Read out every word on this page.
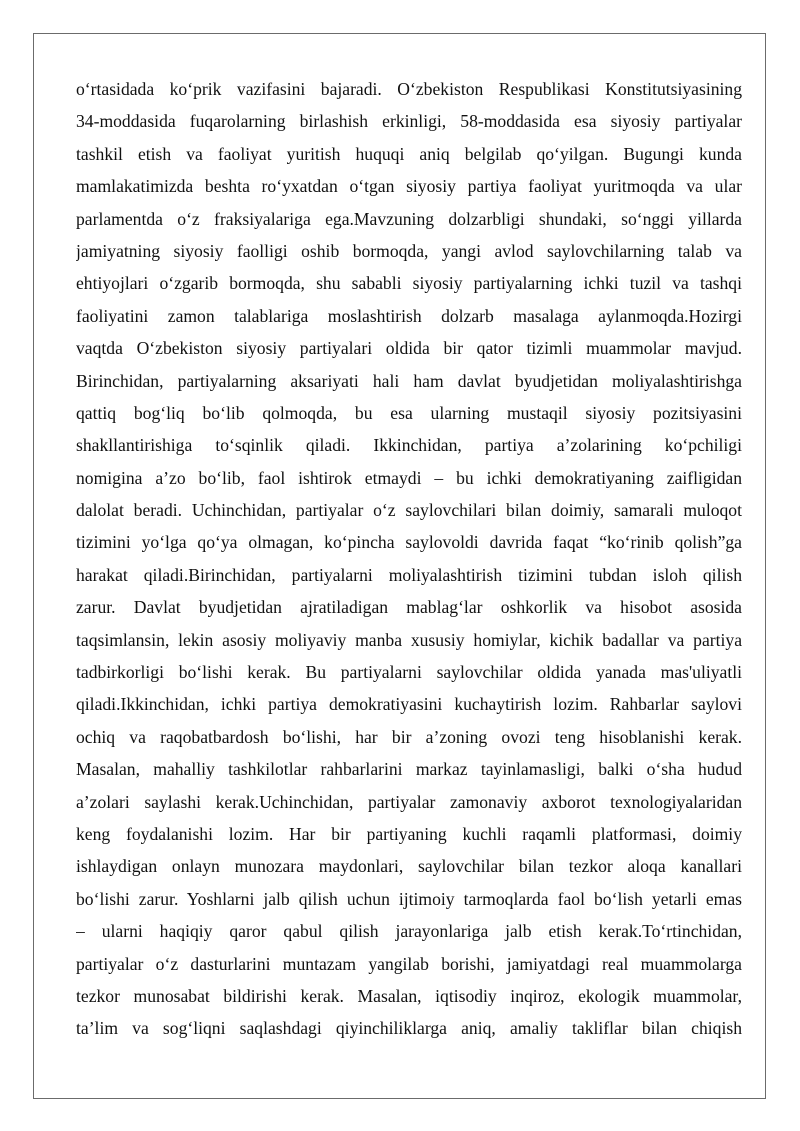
o‘rtasidada ko‘prik vazifasini bajaradi. O‘zbekiston Respublikasi Konstitutsiyasining
34-moddasida fuqarolarning birlashish erkinligi, 58-moddasida esa siyosiy partiyalar
tashkil etish va faoliyat yuritish huquqi aniq belgilab qo‘yilgan. Bugungi kunda
mamlakatimizda beshta ro‘yxatdan o‘tgan siyosiy partiya faoliyat yuritmoqda va ular
parlamentda o‘z fraksiyalariga ega.Mavzuning dolzarbligi shundaki, so‘nggi yillarda
jamiyatning siyosiy faolligi oshib bormoqda, yangi avlod saylovchilarning talab va
ehtiyojlari o‘zgarib bormoqda, shu sababli siyosiy partiyalarning ichki tuzil va tashqi
faoliyatini zamon talablariga moslashtirish dolzarb masalaga aylanmoqda.Hozirgi
vaqtda O‘zbekiston siyosiy partiyalari oldida bir qator tizimli muammolar mavjud.
Birinchidan, partiyalarning aksariyati hali ham davlat byudjetidan moliyalashtirishga
qattiq bog‘liq bo‘lib qolmoqda, bu esa ularning mustaqil siyosiy pozitsiyasini
shakllantirishiga to‘sqinlik qiladi. Ikkinchidan, partiya a’zolarining ko‘pchiligi
nomigina a’zo bo‘lib, faol ishtirok etmaydi – bu ichki demokratiyaning zaifligidan
dalolat beradi. Uchinchidan, partiyalar o‘z saylovchilari bilan doimiy, samarali muloqot
tizimini yo‘lga qo‘ya olmagan, ko‘pincha saylovoldi davrida faqat “ko‘rinib qolish”ga
harakat qiladi.Birinchidan, partiyalarni moliyalashtirish tizimini tubdan isloh qilish
zarur. Davlat byudjetidan ajratiladigan mablag‘lar oshkorlik va hisobot asosida
taqsimlansin, lekin asosiy moliyaviy manba xususiy homiylar, kichik badallar va partiya
tadbirkorligi bo‘lishi kerak. Bu partiyalarni saylovchilar oldida yanada mas'uliyatli
qiladi.Ikkinchidan, ichki partiya demokratiyasini kuchaytirish lozim. Rahbarlar saylovi
ochiq va raqobatbardosh bo‘lishi, har bir a’zoning ovozi teng hisoblanishi kerak.
Masalan, mahalliy tashkilotlar rahbarlarini markaz tayinlamasligi, balki o‘sha hudud
a’zolari saylashi kerak.Uchinchidan, partiyalar zamonaviy axborot texnologiyalaridan
keng foydalanishi lozim. Har bir partiyaning kuchli raqamli platformasi, doimiy
ishlaydigan onlayn munozara maydonlari, saylovchilar bilan tezkor aloqa kanallari
bo‘lishi zarur. Yoshlarni jalb qilish uchun ijtimoiy tarmoqlarda faol bo‘lish yetarli emas
– ularni haqiqiy qaror qabul qilish jarayonlariga jalb etish kerak.To‘rtinchidan,
partiyalar o‘z dasturlarini muntazam yangilab borishi, jamiyatdagi real muammolarga
tezkor munosabat bildirishi kerak. Masalan, iqtisodiy inqiroz, ekologik muammolar,
ta’lim va sog‘liqni saqlashdagi qiyinchiliklarga aniq, amaliy takliflar bilan chiqish
